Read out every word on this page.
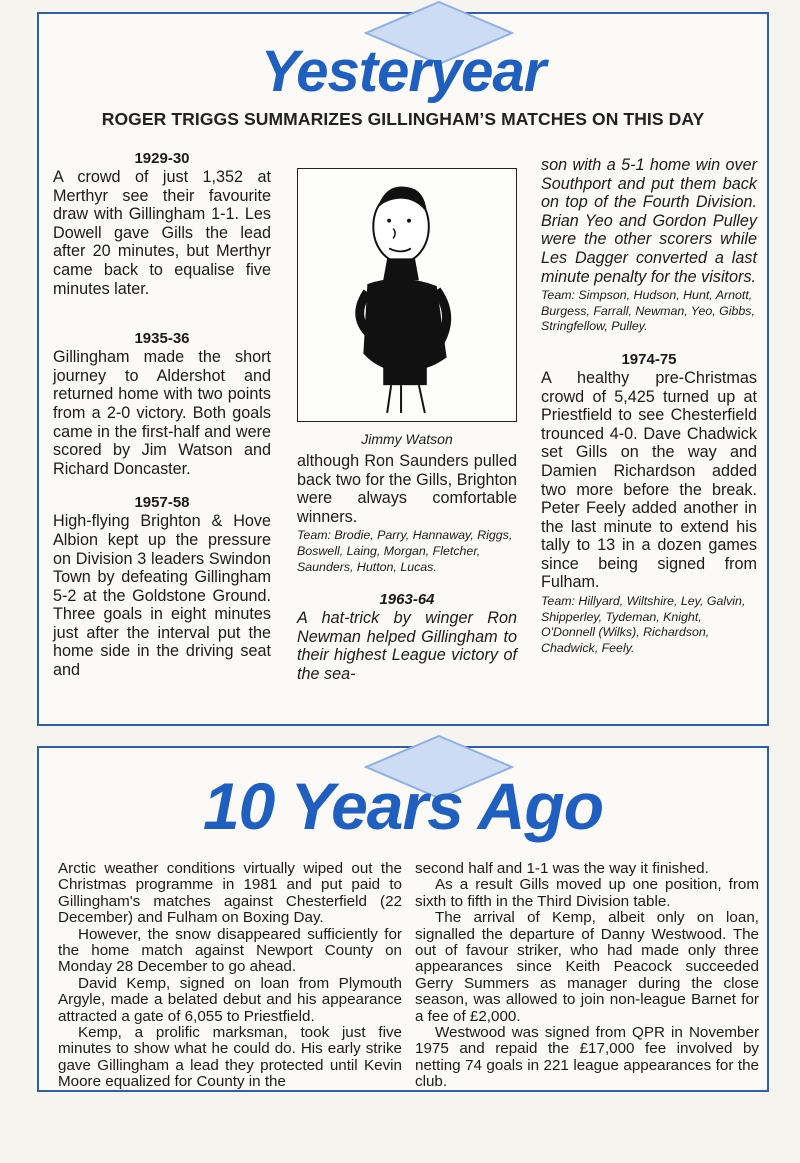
Yesteryear
ROGER TRIGGS SUMMARIZES GILLINGHAM’S MATCHES ON THIS DAY
1929-30

A crowd of just 1,352 at Merthyr see their favourite draw with Gillingham 1-1. Les Dowell gave Gills the lead after 20 minutes, but Merthyr came back to equalise five minutes later.

1935-36

Gillingham made the short journey to Aldershot and returned home with two points from a 2-0 victory. Both goals came in the first-half and were scored by Jim Watson and Richard Doncaster.

1957-58

High-flying Brighton & Hove Albion kept up the pressure on Division 3 leaders Swindon Town by defeating Gillingham 5-2 at the Goldstone Ground. Three goals in eight minutes just after the interval put the home side in the driving seat and

Jimmy Watson

although Ron Saunders pulled back two for the Gills, Brighton were always comfortable winners.

Team: Brodie, Parry, Hannaway, Riggs, Boswell, Laing, Morgan, Fletcher, Saunders, Hutton, Lucas.

1963-64

A hat-trick by winger Ron Newman helped Gillingham to their highest League victory of the sea-

son with a 5-1 home win over Southport and put them back on top of the Fourth Division. Brian Yeo and Gordon Pulley were the other scorers while Les Dagger converted a last minute penalty for the visitors.

Team: Simpson, Hudson, Hunt, Arnott, Burgess, Farrall, Newman, Yeo, Gibbs, Stringfellow, Pulley.

1974-75

A healthy pre-Christmas crowd of 5,425 turned up at Priestfield to see Chesterfield trounced 4-0. Dave Chadwick set Gills on the way and Damien Richardson added two more before the break. Peter Feely added another in the last minute to extend his tally to 13 in a dozen games since being signed from Fulham.

Team: Hillyard, Wiltshire, Ley, Galvin, Shipperley, Tydeman, Knight, O'Donnell (Wilks), Richardson, Chadwick, Feely.

10 Years Ago

Arctic weather conditions virtually wiped out the Christmas programme in 1981 and put paid to Gillingham's matches against Chesterfield (22 December) and Fulham on Boxing Day.

However, the snow disappeared sufficiently for the home match against Newport County on Monday 28 December to go ahead.

David Kemp, signed on loan from Plymouth Argyle, made a belated debut and his appearance attracted a gate of 6,055 to Priestfield.

Kemp, a prolific marksman, took just five minutes to show what he could do. His early strike gave Gillingham a lead they protected until Kevin Moore equalized for County in the

second half and 1-1 was the way it finished.

As a result Gills moved up one position, from sixth to fifth in the Third Division table.

The arrival of Kemp, albeit only on loan, signalled the departure of Danny Westwood. The out of favour striker, who had made only three appearances since Keith Peacock succeeded Gerry Summers as manager during the close season, was allowed to join non-league Barnet for a fee of £2,000.

Westwood was signed from QPR in November 1975 and repaid the £17,000 fee involved by netting 74 goals in 221 league appearances for the club.
